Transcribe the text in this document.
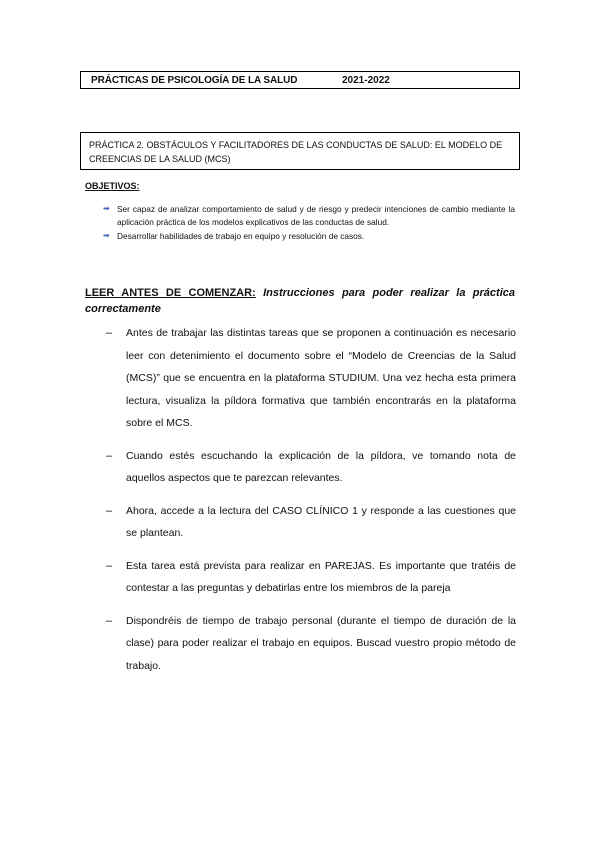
PRÁCTICAS DE PSICOLOGÍA DE LA SALUD	2021-2022
PRÁCTICA 2. OBSTÁCULOS Y FACILITADORES DE LAS CONDUCTAS DE SALUD: EL MODELO DE CREENCIAS DE LA SALUD (MCS)
OBJETIVOS:
➡ Ser capaz de analizar comportamiento de salud y de riesgo y predecir intenciones de cambio mediante la aplicación práctica de los modelos explicativos de las conductas de salud.
➡ Desarrollar habilidades de trabajo en equipo y resolución de casos.
LEER ANTES DE COMENZAR: Instrucciones para poder realizar la práctica correctamente
– Antes de trabajar las distintas tareas que se proponen a continuación es necesario leer con detenimiento el documento sobre el “Modelo de Creencias de la Salud (MCS)” que se encuentra en la plataforma STUDIUM. Una vez hecha esta primera lectura, visualiza la píldora formativa que también encontrarás en la plataforma sobre el MCS.
– Cuando estés escuchando la explicación de la píldora, ve tomando nota de aquellos aspectos que te parezcan relevantes.
– Ahora, accede a la lectura del CASO CLÍNICO 1 y responde a las cuestiones que se plantean.
– Esta tarea está prevista para realizar en PAREJAS. Es importante que tratéis de contestar a las preguntas y debatirlas entre los miembros de la pareja
– Dispondréis de tiempo de trabajo personal (durante el tiempo de duración de la clase) para poder realizar el trabajo en equipos. Buscad vuestro propio método de trabajo.
